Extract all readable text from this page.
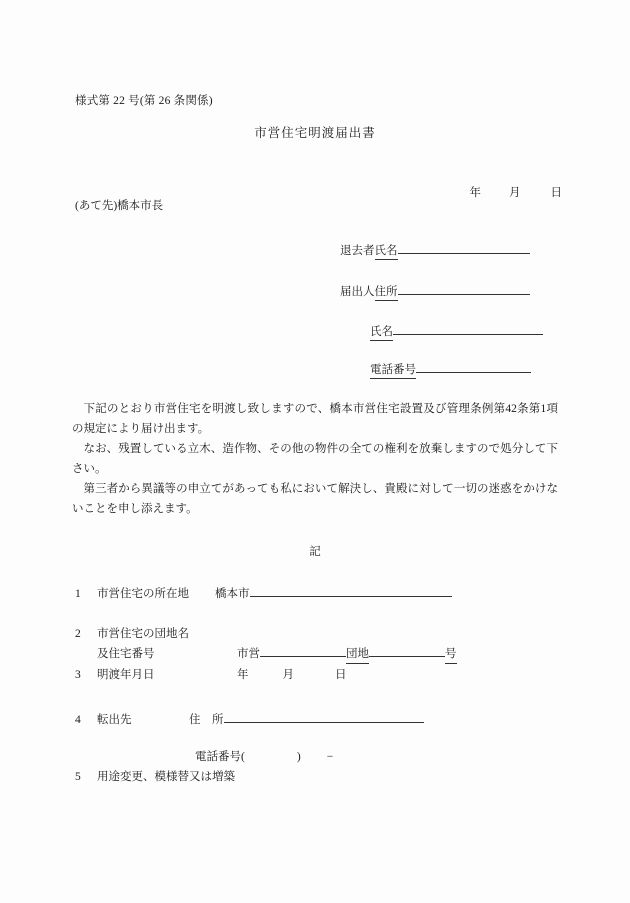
様式第 22 号(第 26 条関係)
市営住宅明渡届出書

年 月	日

(あて先)橋本市長
退去者氏名
届出人住所
氏名
電話番号

下記のとおり市営住宅を明渡し致しますので、橋本市営住宅設置及び管理条例第42条第1項の規定により届け出ます。

なお、残置している立木、造作物、その他の物件の全ての権利を放棄しますので処分して下さい。

第三者から異議等の申立てがあっても私において解決し、貴殿に対して一切の迷惑をかけないことを申し添えます。

記
1 市営住宅の所在地 橋本市
2 市営住宅の団地名
及住宅番号	市営	団地	号
3 明渡年月日	年	月	日
4 転出先	住　所
電話番号(	) −
5 用途変更、模様替又は増築
